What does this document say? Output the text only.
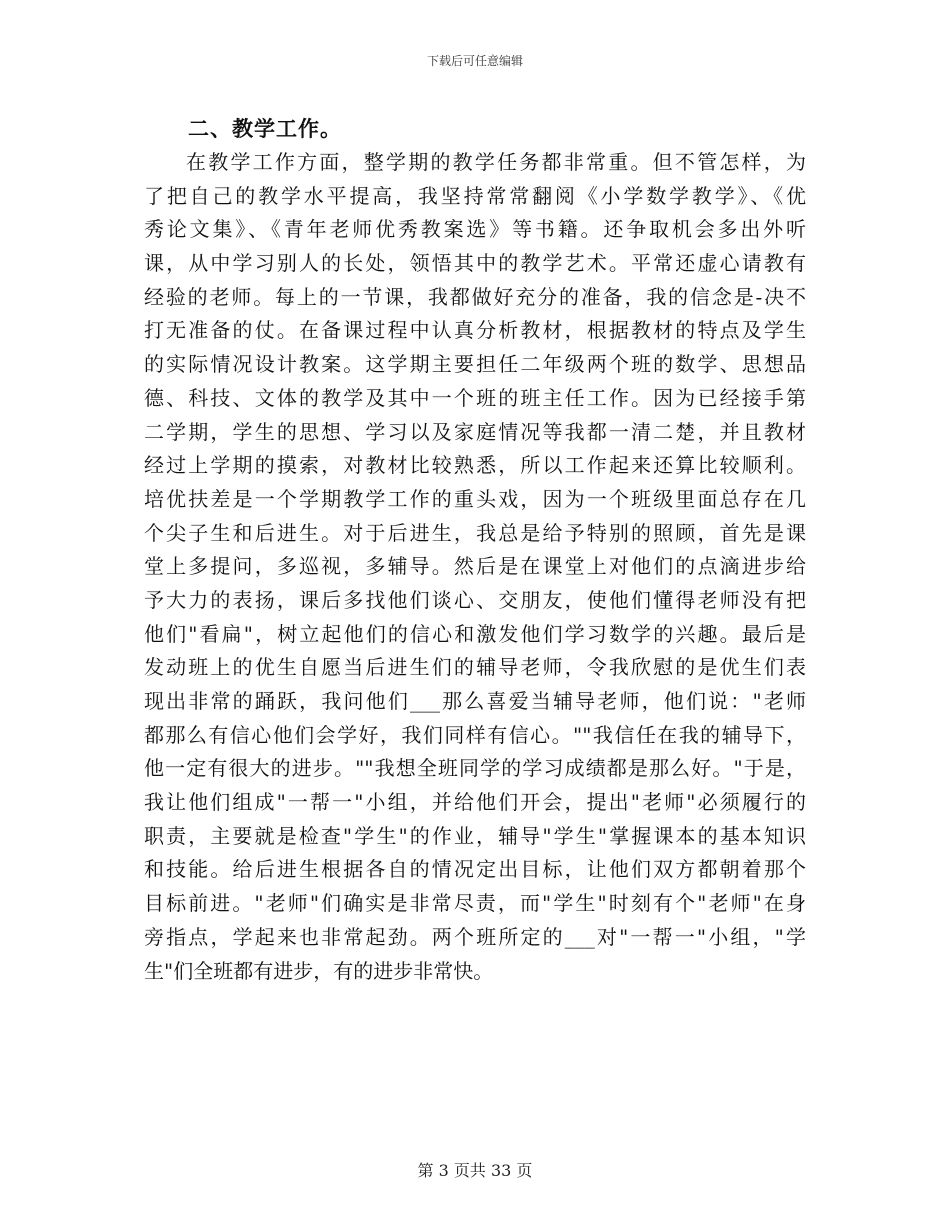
下载后可任意编辑
二、教学工作。
在教学工作方面，整学期的教学任务都非常重。但不管怎样，为
了把自己的教学水平提高，我坚持常常翻阅《小学数学教学》、《优
秀论文集》、《青年老师优秀教案选》等书籍。还争取机会多出外听
课，从中学习别人的长处，领悟其中的教学艺术。平常还虚心请教有
经验的老师。每上的一节课，我都做好充分的准备，我的信念是-决不
打无准备的仗。在备课过程中认真分析教材，根据教材的特点及学生
的实际情况设计教案。这学期主要担任二年级两个班的数学、思想品
德、科技、文体的教学及其中一个班的班主任工作。因为已经接手第
二学期，学生的思想、学习以及家庭情况等我都一清二楚，并且教材
经过上学期的摸索，对教材比较熟悉，所以工作起来还算比较顺利。
培优扶差是一个学期教学工作的重头戏，因为一个班级里面总存在几
个尖子生和后进生。对于后进生，我总是给予特别的照顾，首先是课
堂上多提问，多巡视，多辅导。然后是在课堂上对他们的点滴进步给
予大力的表扬，课后多找他们谈心、交朋友，使他们懂得老师没有把
他们"看扁"，树立起他们的信心和激发他们学习数学的兴趣。最后是
发动班上的优生自愿当后进生们的辅导老师，令我欣慰的是优生们表
现出非常的踊跃，我问他们___那么喜爱当辅导老师，他们说："老师
都那么有信心他们会学好，我们同样有信心。""我信任在我的辅导下，
他一定有很大的进步。""我想全班同学的学习成绩都是那么好。"于是，
我让他们组成"一帮一"小组，并给他们开会，提出"老师"必须履行的
职责，主要就是检查"学生"的作业，辅导"学生"掌握课本的基本知识
和技能。给后进生根据各自的情况定出目标，让他们双方都朝着那个
目标前进。"老师"们确实是非常尽责，而"学生"时刻有个"老师"在身
旁指点，学起来也非常起劲。两个班所定的___对"一帮一"小组，"学
生"们全班都有进步，有的进步非常快。
第 3 页共 33 页
